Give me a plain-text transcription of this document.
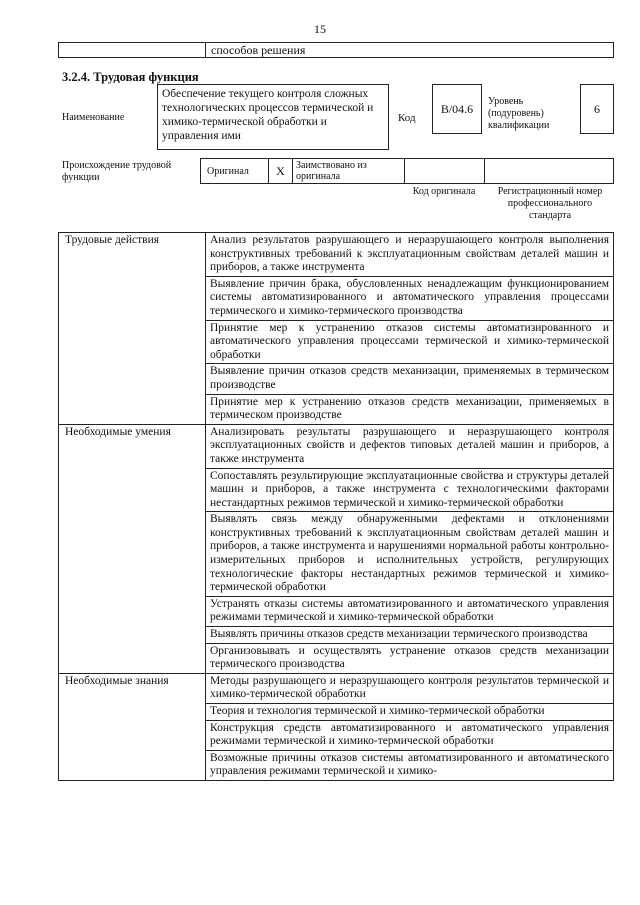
15
способов решения
3.2.4. Трудовая функция
Наименование
Обеспечение текущего контроля сложных технологических процессов термической и химико-термической обработки и управления ими
Код
B/04.6	Уровень (подуровень) квалификации
6
Происхождение трудовой функции
Оригинал	X	Заимствовано из оригинала
Код оригинала	Регистрационный номер профессионального стандарта
Трудовые действия	Анализ результатов разрушающего и неразрушающего контроля выполнения конструктивных требований к эксплуатационным свойствам деталей машин и приборов, а также инструмента
	Выявление причин брака, обусловленных ненадлежащим функционированием системы автоматизированного и автоматического управления процессами термического и химико-термического производства
	Принятие мер к устранению отказов системы автоматизированного и автоматического управления процессами термической и химико-термической обработки
	Выявление причин отказов средств механизации, применяемых в термическом производстве
	Принятие мер к устранению отказов средств механизации, применяемых в термическом производстве
Необходимые умения	Анализировать результаты разрушающего и неразрушающего контроля эксплуатационных свойств и дефектов типовых деталей машин и приборов, а также инструмента
	Сопоставлять результирующие эксплуатационные свойства и структуры деталей машин и приборов, а также инструмента с технологическими факторами нестандартных режимов термической и химико-термической обработки
	Выявлять связь между обнаруженными дефектами и отклонениями конструктивных требований к эксплуатационным свойствам деталей машин и приборов, а также инструмента и нарушениями нормальной работы контрольно-измерительных приборов и исполнительных устройств, регулирующих технологические факторы нестандартных режимов термической и химико-термической обработки
	Устранять отказы системы автоматизированного и автоматического управления режимами термической и химико-термической обработки
	Выявлять причины отказов средств механизации термического производства
	Организовывать и осуществлять устранение отказов средств механизации термического производства
Необходимые знания	Методы разрушающего и неразрушающего контроля результатов термической и химико-термической обработки
	Теория и технология термической и химико-термической обработки
	Конструкция средств автоматизированного и автоматического управления режимами термической и химико-термической обработки
	Возможные причины отказов системы автоматизированного и автоматического управления режимами термической и химико-
